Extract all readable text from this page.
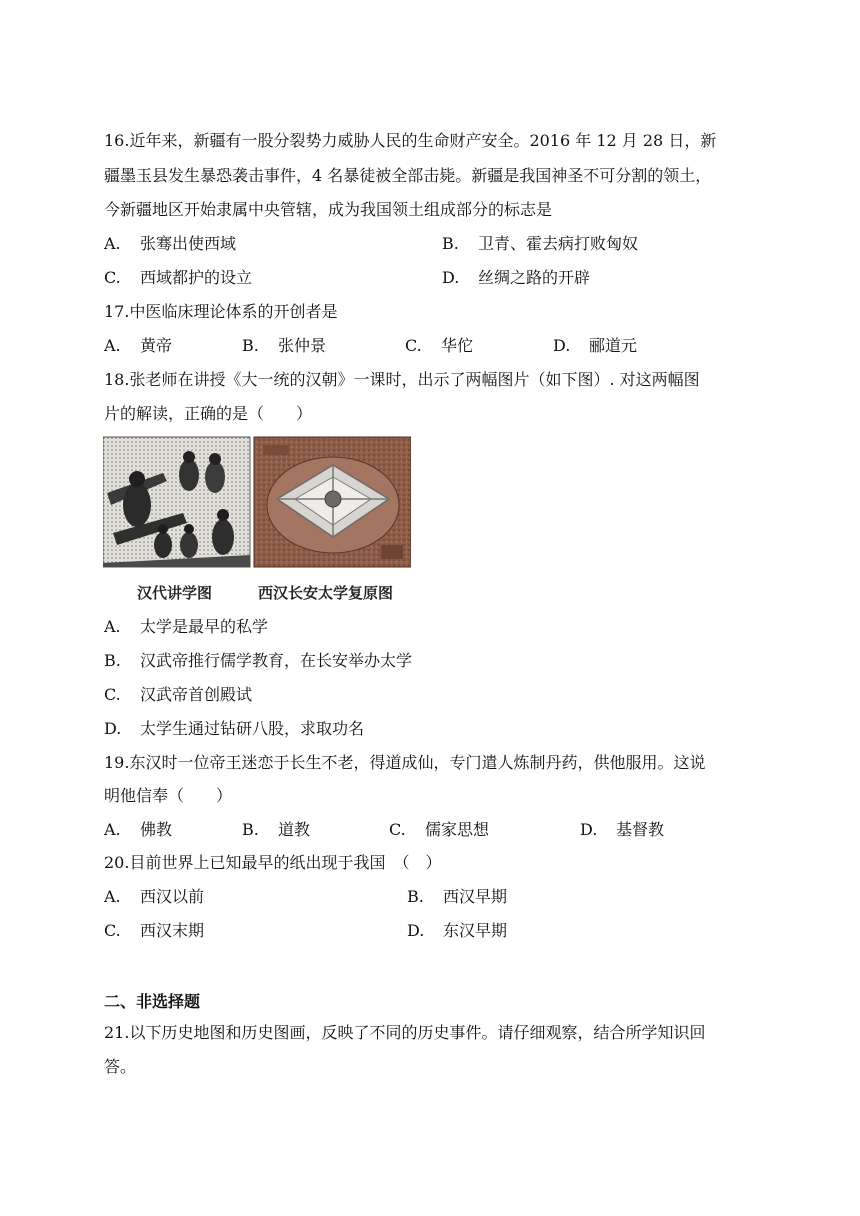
16.近年来，新疆有一股分裂势力威胁人民的生命财产安全。2016 年 12 月 28 日，新
疆墨玉县发生暴恐袭击事件，4 名暴徒被全部击毙。新疆是我国神圣不可分割的领土，
今新疆地区开始隶属中央管辖，成为我国领土组成部分的标志是
A. 张骞出使西域	B. 卫青、霍去病打败匈奴
C. 西域都护的设立	D. 丝绸之路的开辟
17.中医临床理论体系的开创者是
A. 黄帝	B. 张仲景	C. 华佗	D. 郦道元
18.张老师在讲授《大一统的汉朝》一课时，出示了两幅图片（如下图）. 对这两幅图
片的解读，正确的是（　　）
汉代讲学图	西汉长安太学复原图
A. 太学是最早的私学
B. 汉武帝推行儒学教育，在长安举办太学
C. 汉武帝首创殿试
D. 太学生通过钻研八股，求取功名
19.东汉时一位帝王迷恋于长生不老，得道成仙，专门遣人炼制丹药，供他服用。这说
明他信奉（　　）
A. 佛教	B. 道教	C. 儒家思想	D. 基督教
20.目前世界上已知最早的纸出现于我国　（　）
A. 西汉以前	B. 西汉早期
C. 西汉末期	D. 东汉早期
二、非选择题
21.以下历史地图和历史图画，反映了不同的历史事件。请仔细观察，结合所学知识回
答。
